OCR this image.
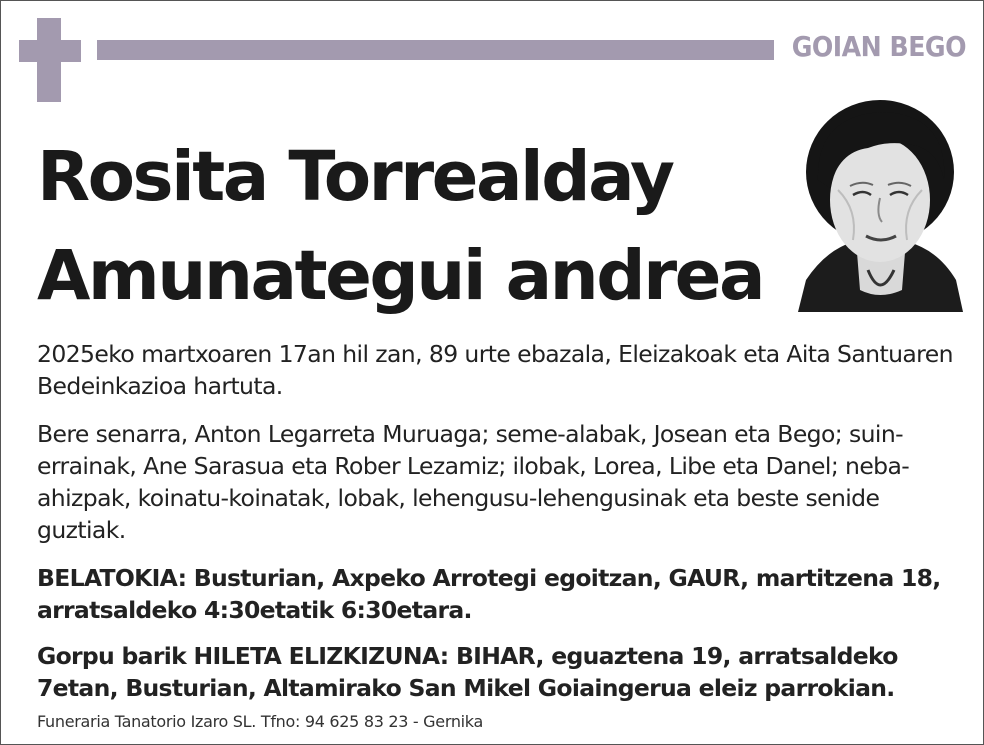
GOIAN BEGO
Rosita Torrealday
Amunategui andrea
2025eko martxoaren 17an hil zan, 89 urte ebazala, Eleizakoak eta Aita Santuaren Bedeinkazioa hartuta.
Bere senarra, Anton Legarreta Muruaga; seme-alabak, Josean eta Bego; suin-errainak, Ane Sarasua eta Rober Lezamiz; ilobak, Lorea, Libe eta Danel; neba-ahizpak, koinatu-koinatak, lobak, lehengusu-lehengusinak eta beste senide guztiak.
BELATOKIA: Busturian, Axpeko Arrotegi egoitzan, GAUR, martitzena 18, arratsaldeko 4:30etatik 6:30etara.
Gorpu barik HILETA ELIZKIZUNA: BIHAR, eguaztena 19, arratsaldeko 7etan, Busturian, Altamirako San Mikel Goiaingerua eleiz parrokian.
Funeraria Tanatorio Izaro SL. Tfno: 94 625 83 23 - Gernika
